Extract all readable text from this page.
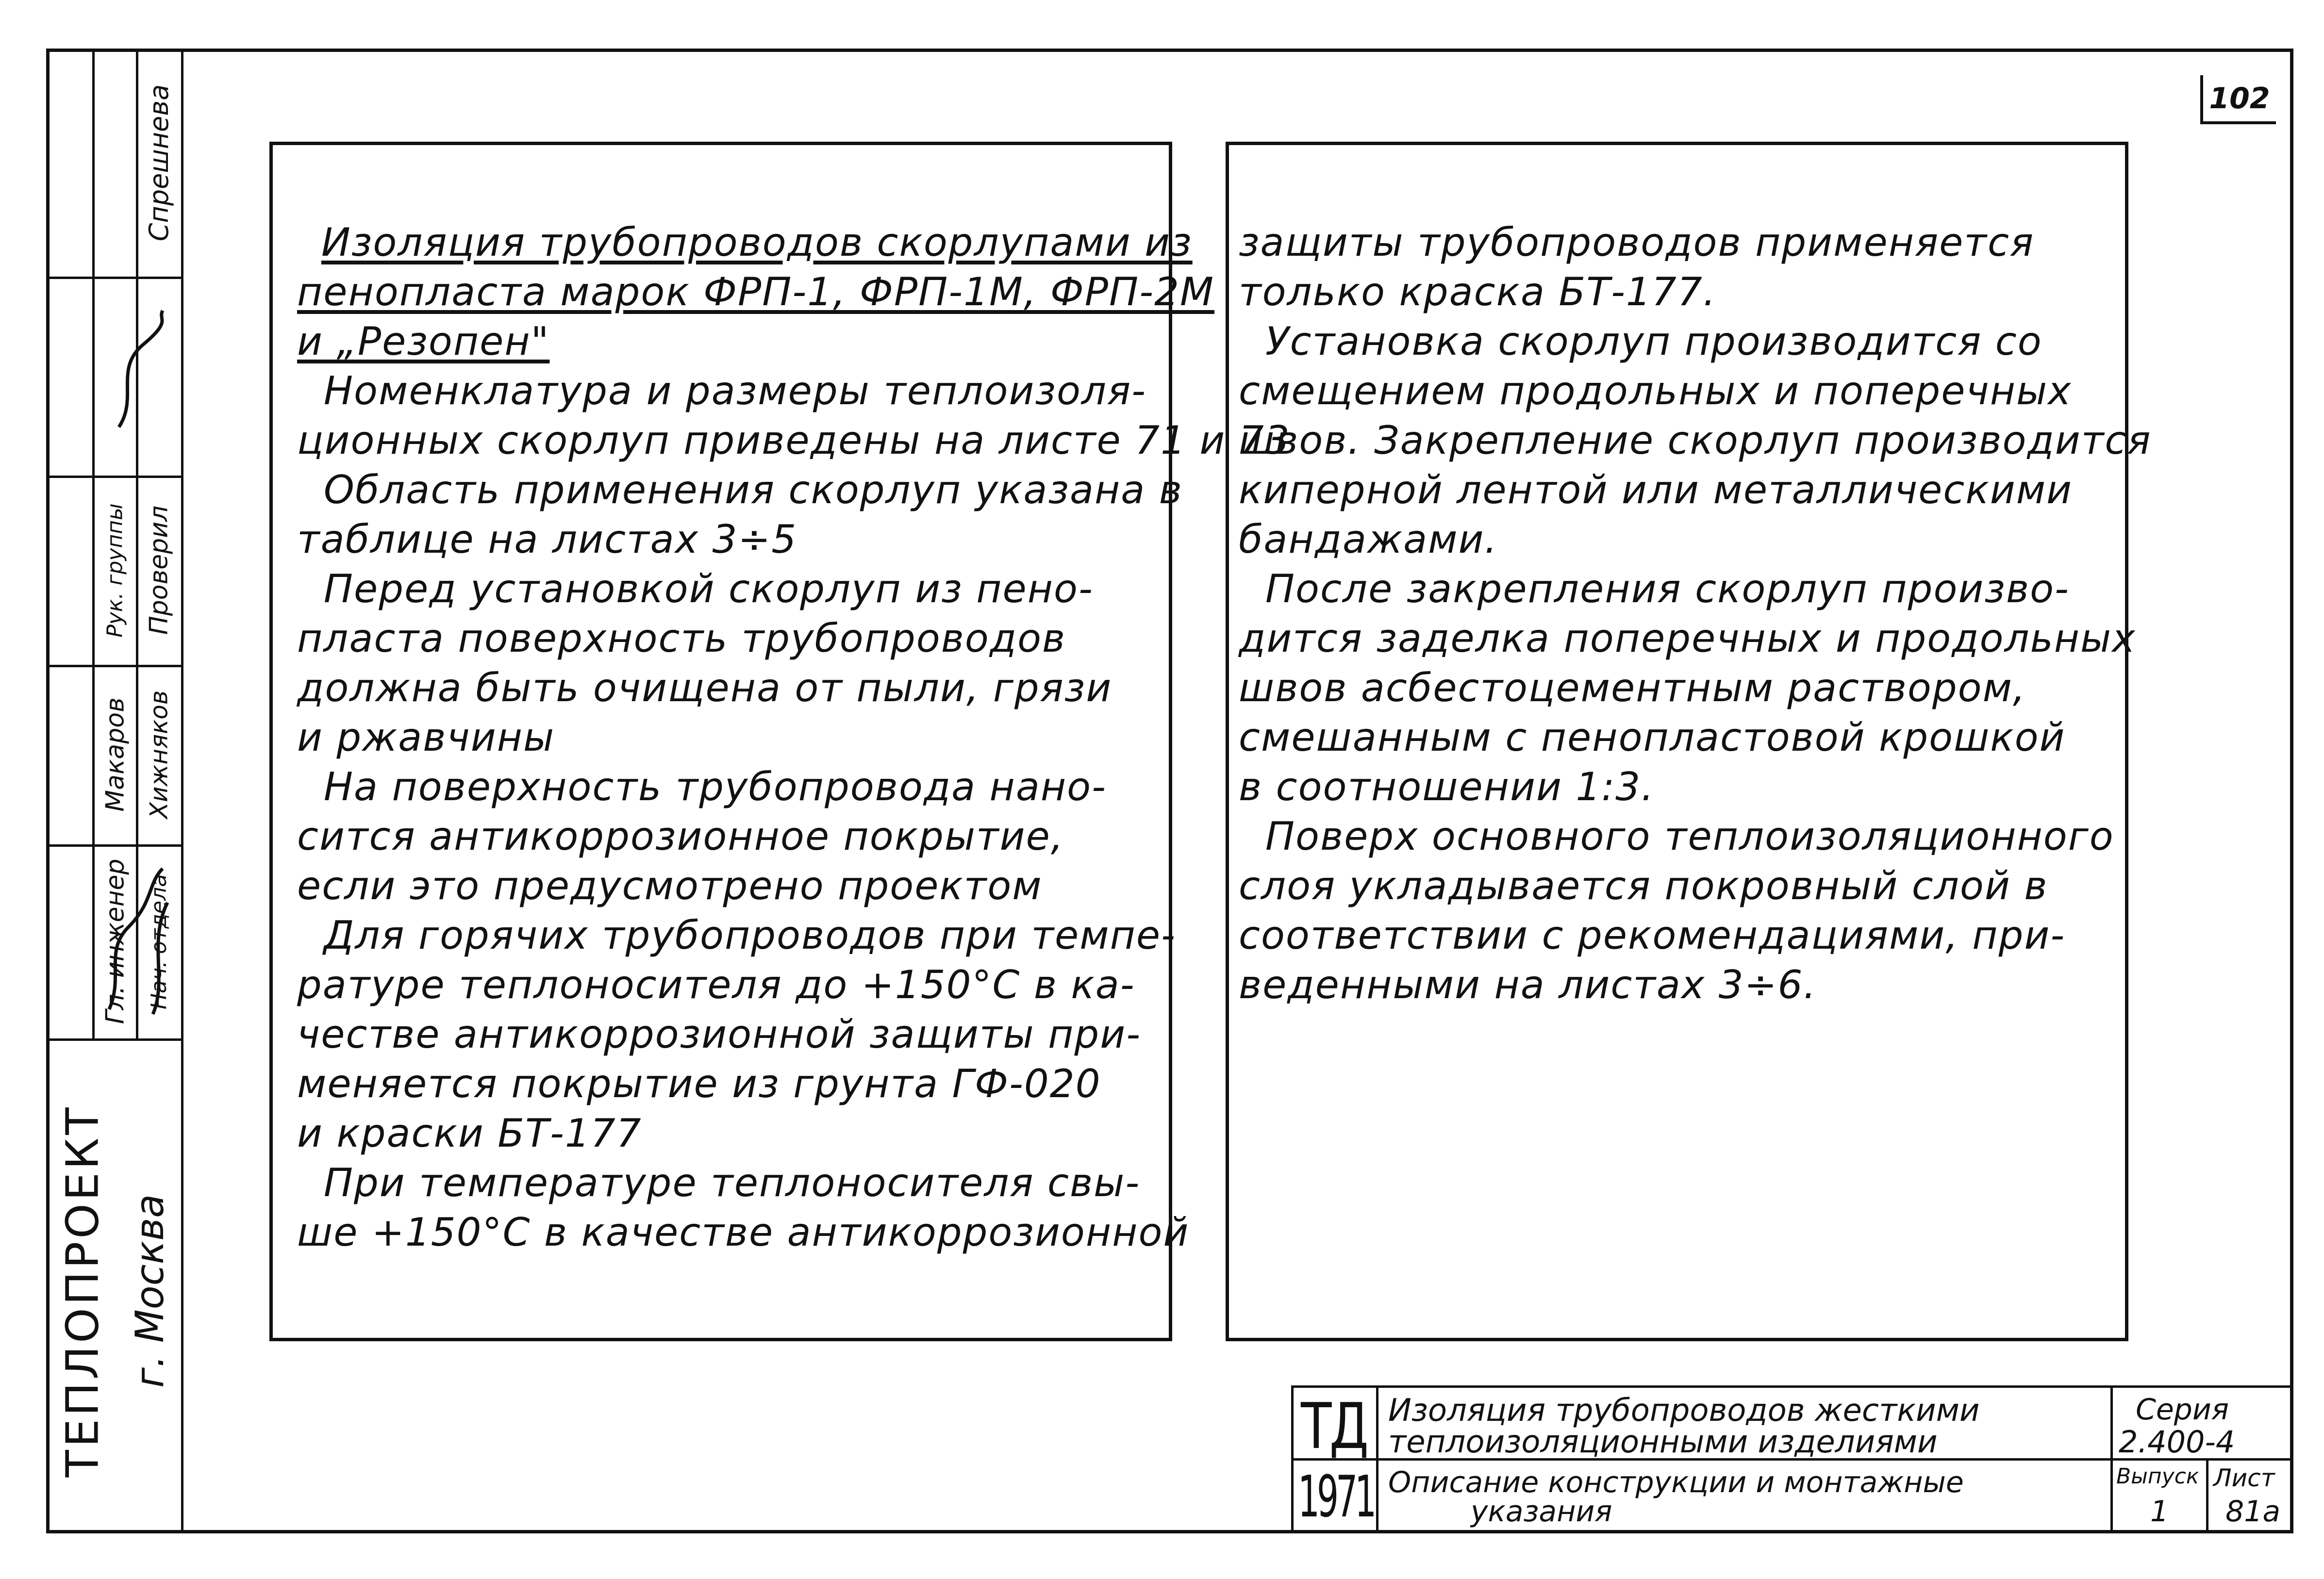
Гл. инженер Нач. отдела
Рук. группы Проверил
Макаров Хижняков
Спрешнева
ТЕПЛОПРОЕКТ г. Москва
102
Изоляция трубопроводов скорлупами из
пенопласта марок ФРП-1, ФРП-1М, ФРП-2М
и „Резопен"
Номенклатура и размеры теплоизоля-
ционных скорлуп приведены на листе 71 и 73
Область применения скорлуп указана в
таблице на листах 3÷5
Перед установкой скорлуп из пено-
пласта поверхность трубопроводов
должна быть очищена от пыли, грязи
и ржавчины
На поверхность трубопровода нано-
сится антикоррозионное покрытие,
если это предусмотрено проектом
Для горячих трубопроводов при темпе-
ратуре теплоносителя до +150°С в ка-
честве антикоррозионной защиты при-
меняется покрытие из грунта ГФ-020
и краски БТ-177
При температуре теплоносителя свы-
ше +150°С в качестве антикоррозионной
защиты трубопроводов применяется
только краска БТ-177.
Установка скорлуп производится со
смещением продольных и поперечных
швов. Закрепление скорлуп производится
киперной лентой или металлическими
бандажами.
После закрепления скорлуп произво-
дится заделка поперечных и продольных
швов асбестоцементным раствором,
смешанным с пенопластовой крошкой
в соотношении 1:3.
Поверх основного теплоизоляционного
слоя укладывается покровный слой в
соответствии с рекомендациями, при-
веденными на листах 3÷6.
ТД
1971
Изоляция трубопроводов жесткими
теплоизоляционными изделиями
Описание конструкции и монтажные
указания
Серия
2.400-4
Выпуск
1
Лист
81а
